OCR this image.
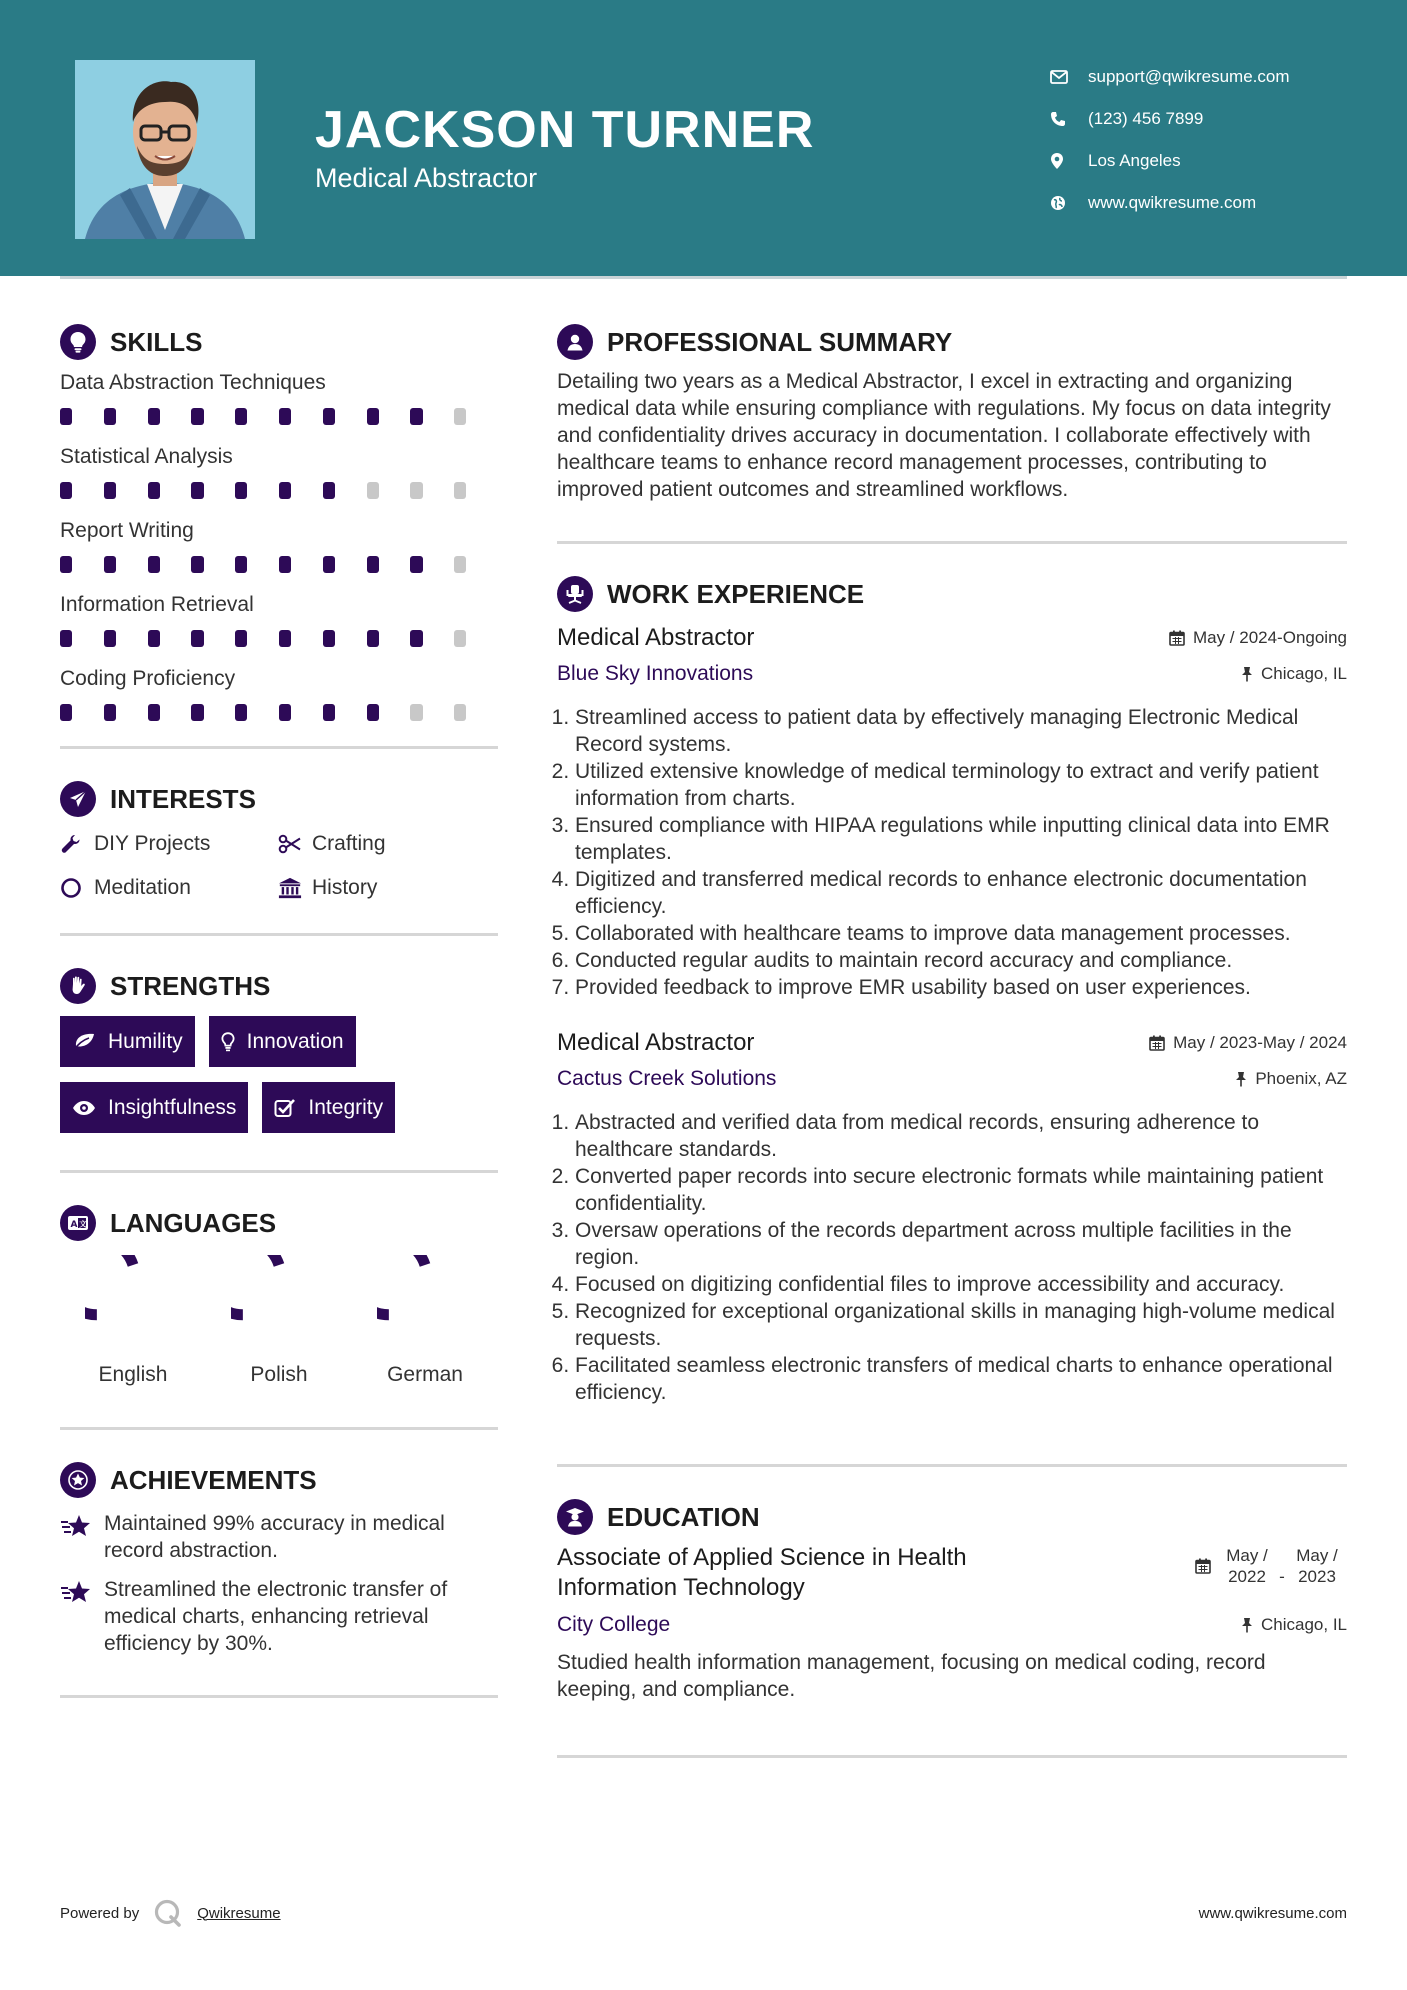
JACKSON TURNER
Medical Abstractor
support@qwikresume.com
(123) 456 7899
Los Angeles
www.qwikresume.com
SKILLS
Data Abstraction Techniques
Statistical Analysis
Report Writing
Information Retrieval
Coding Proficiency
INTERESTS
DIY Projects	Crafting
Meditation	History
STRENGTHS
Humility	Innovation
Insightfulness	Integrity
A 文 LANGUAGES
English	Polish	German
ACHIEVEMENTS
Maintained 99% accuracy in medical record abstraction.
Streamlined the electronic transfer of medical charts, enhancing retrieval efficiency by 30%.
PROFESSIONAL SUMMARY
Detailing two years as a Medical Abstractor, I excel in extracting and organizing medical data while ensuring compliance with regulations. My focus on data integrity and confidentiality drives accuracy in documentation. I collaborate effectively with healthcare teams to enhance record management processes, contributing to improved patient outcomes and streamlined workflows.
WORK EXPERIENCE
Medical Abstractor	May / 2024-Ongoing
Blue Sky Innovations	Chicago, IL
1. Streamlined access to patient data by effectively managing Electronic Medical Record systems.
2. Utilized extensive knowledge of medical terminology to extract and verify patient information from charts.
3. Ensured compliance with HIPAA regulations while inputting clinical data into EMR templates.
4. Digitized and transferred medical records to enhance electronic documentation efficiency.
5. Collaborated with healthcare teams to improve data management processes.
6. Conducted regular audits to maintain record accuracy and compliance.
7. Provided feedback to improve EMR usability based on user experiences.
Medical Abstractor	May / 2023-May / 2024
Cactus Creek Solutions	Phoenix, AZ
1. Abstracted and verified data from medical records, ensuring adherence to healthcare standards.
2. Converted paper records into secure electronic formats while maintaining patient confidentiality.
3. Oversaw operations of the records department across multiple facilities in the region.
4. Focused on digitizing confidential files to improve accessibility and accuracy.
5. Recognized for exceptional organizational skills in managing high-volume medical requests.
6. Facilitated seamless electronic transfers of medical charts to enhance operational efficiency.
EDUCATION
Associate of Applied Science in Health Information Technology
May /
2022 -
May /
2023
City College	Chicago, IL
Studied health information management, focusing on medical coding, record keeping, and compliance.
Powered by	Qwikresume	www.qwikresume.com
